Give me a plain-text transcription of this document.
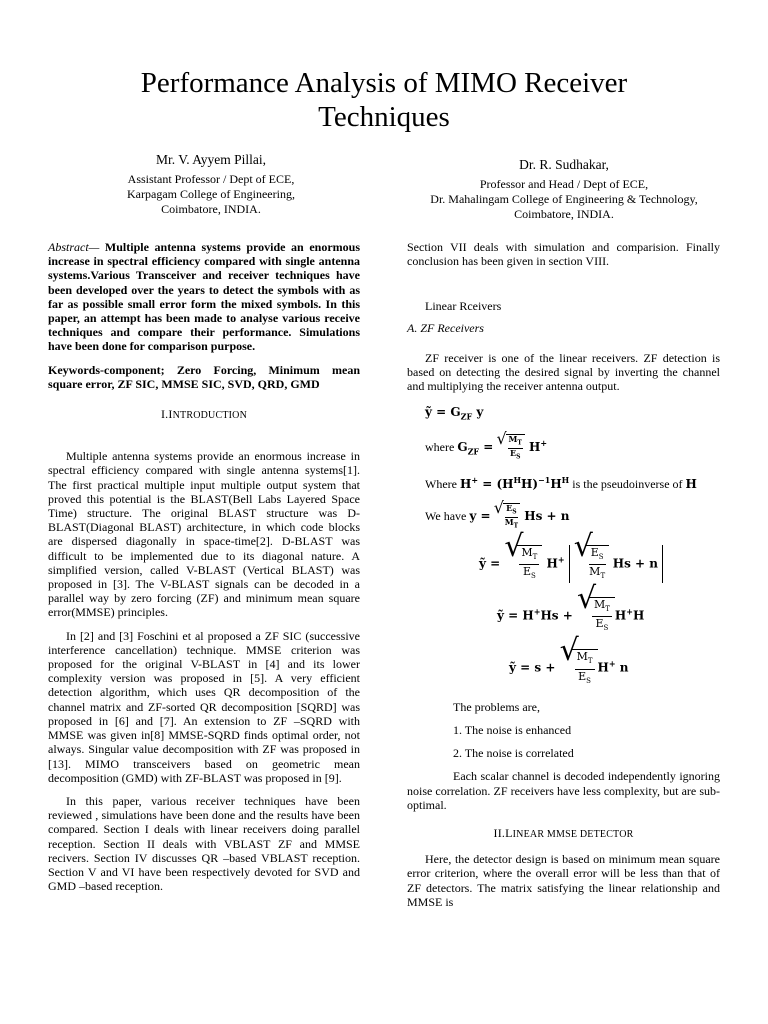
Performance Analysis of MIMO Receiver
Techniques
Mr. V. Ayyem Pillai,
Assistant Professor / Dept of ECE,
Karpagam College of Engineering,
Coimbatore, INDIA.
Dr. R. Sudhakar,
Professor and Head / Dept of ECE,
Dr. Mahalingam College of Engineering & Technology,
Coimbatore, INDIA.

Abstract— Multiple antenna systems provide an enormous increase in spectral efficiency compared with single antenna systems.Various Transceiver and receiver techniques have been developed over the years to detect the symbols with as far as possible small error form the mixed symbols. In this paper, an attempt has been made to analyse various receive techniques and compare their performance. Simulations have been done for comparison purpose.

Keywords-component; Zero Forcing, Minimum mean square error, ZF SIC, MMSE SIC, SVD, QRD, GMD

I.INTRODUCTION

Multiple antenna systems provide an enormous increase in spectral efficiency compared with single antenna systems[1]. The first practical multiple input multiple output system that proved this potential is the BLAST(Bell Labs Layered Space Time) structure. The original BLAST structure was D-BLAST(Diagonal BLAST) architecture, in which code blocks are dispersed diagonally in space-time[2]. D-BLAST was difficult to be implemented due to its diagonal nature. A simplified version, called V-BLAST (Vertical BLAST) was proposed in [3]. The V-BLAST signals can be decoded in a parallel way by zero forcing (ZF) and minimum mean square error(MMSE) principles.

In [2] and [3] Foschini et al proposed a ZF SIC (successive interference cancellation) technique. MMSE criterion was proposed for the original V-BLAST in [4] and its lower complexity version was proposed in [5]. A very efficient detection algorithm, which uses QR decomposition of the channel matrix and ZF-sorted QR decomposition [SQRD] was proposed in [6] and [7]. An extension to ZF –SQRD with MMSE was given in[8] MMSE-SQRD finds optimal order, not always. Singular value decomposition with ZF was proposed in [13]. MIMO transceivers based on geometric mean decomposition (GMD) with ZF-BLAST was proposed in [9].

In this paper, various receiver techniques have been reviewed , simulations have been done and the results have been compared. Section I deals with linear receivers doing parallel reception. Section II deals with VBLAST ZF and MMSE recivers. Section IV discusses QR –based VBLAST reception. Section V and VI have been respectively devoted for SVD and GMD –based reception.

Section VII deals with simulation and comparision. Finally conclusion has been given in section VIII.

Linear Rceivers

A. ZF Receivers

ZF receiver is one of the linear receivers. ZF detection is based on detecting the desired signal by inverting the channel and multiplying the receiver antenna output.

ỹ = $G_{ZF}$ y
where $G_{ZF}$ = √ $\frac{M_T}{E_S} H^+$
Where $H^+ = (H^HH)^{-1}H^H$ is the pseudoinverse of H
We have y = √ $\frac{E_S}{M_T}$ Hs + n
ỹ = √ $\frac{M_T}{E_S} H^+$ √ $\frac{E_S}{M_T}$ Hs + n
ỹ = H+Hs + √ $\frac{M_T}{E_S} H^+H$
ỹ = s + √ $\frac{M_T}{E_S} H^+$ n

The problems are,

1. The noise is enhanced

2. The noise is correlated

Each scalar channel is decoded independently ignoring noise correlation. ZF receivers have less complexity, but are sub-optimal.

II.LINEAR MMSE DETECTOR

Here, the detector design is based on minimum mean square error criterion, where the overall error will be less than that of ZF detectors. The matrix satisfying the linear relationship and MMSE is
